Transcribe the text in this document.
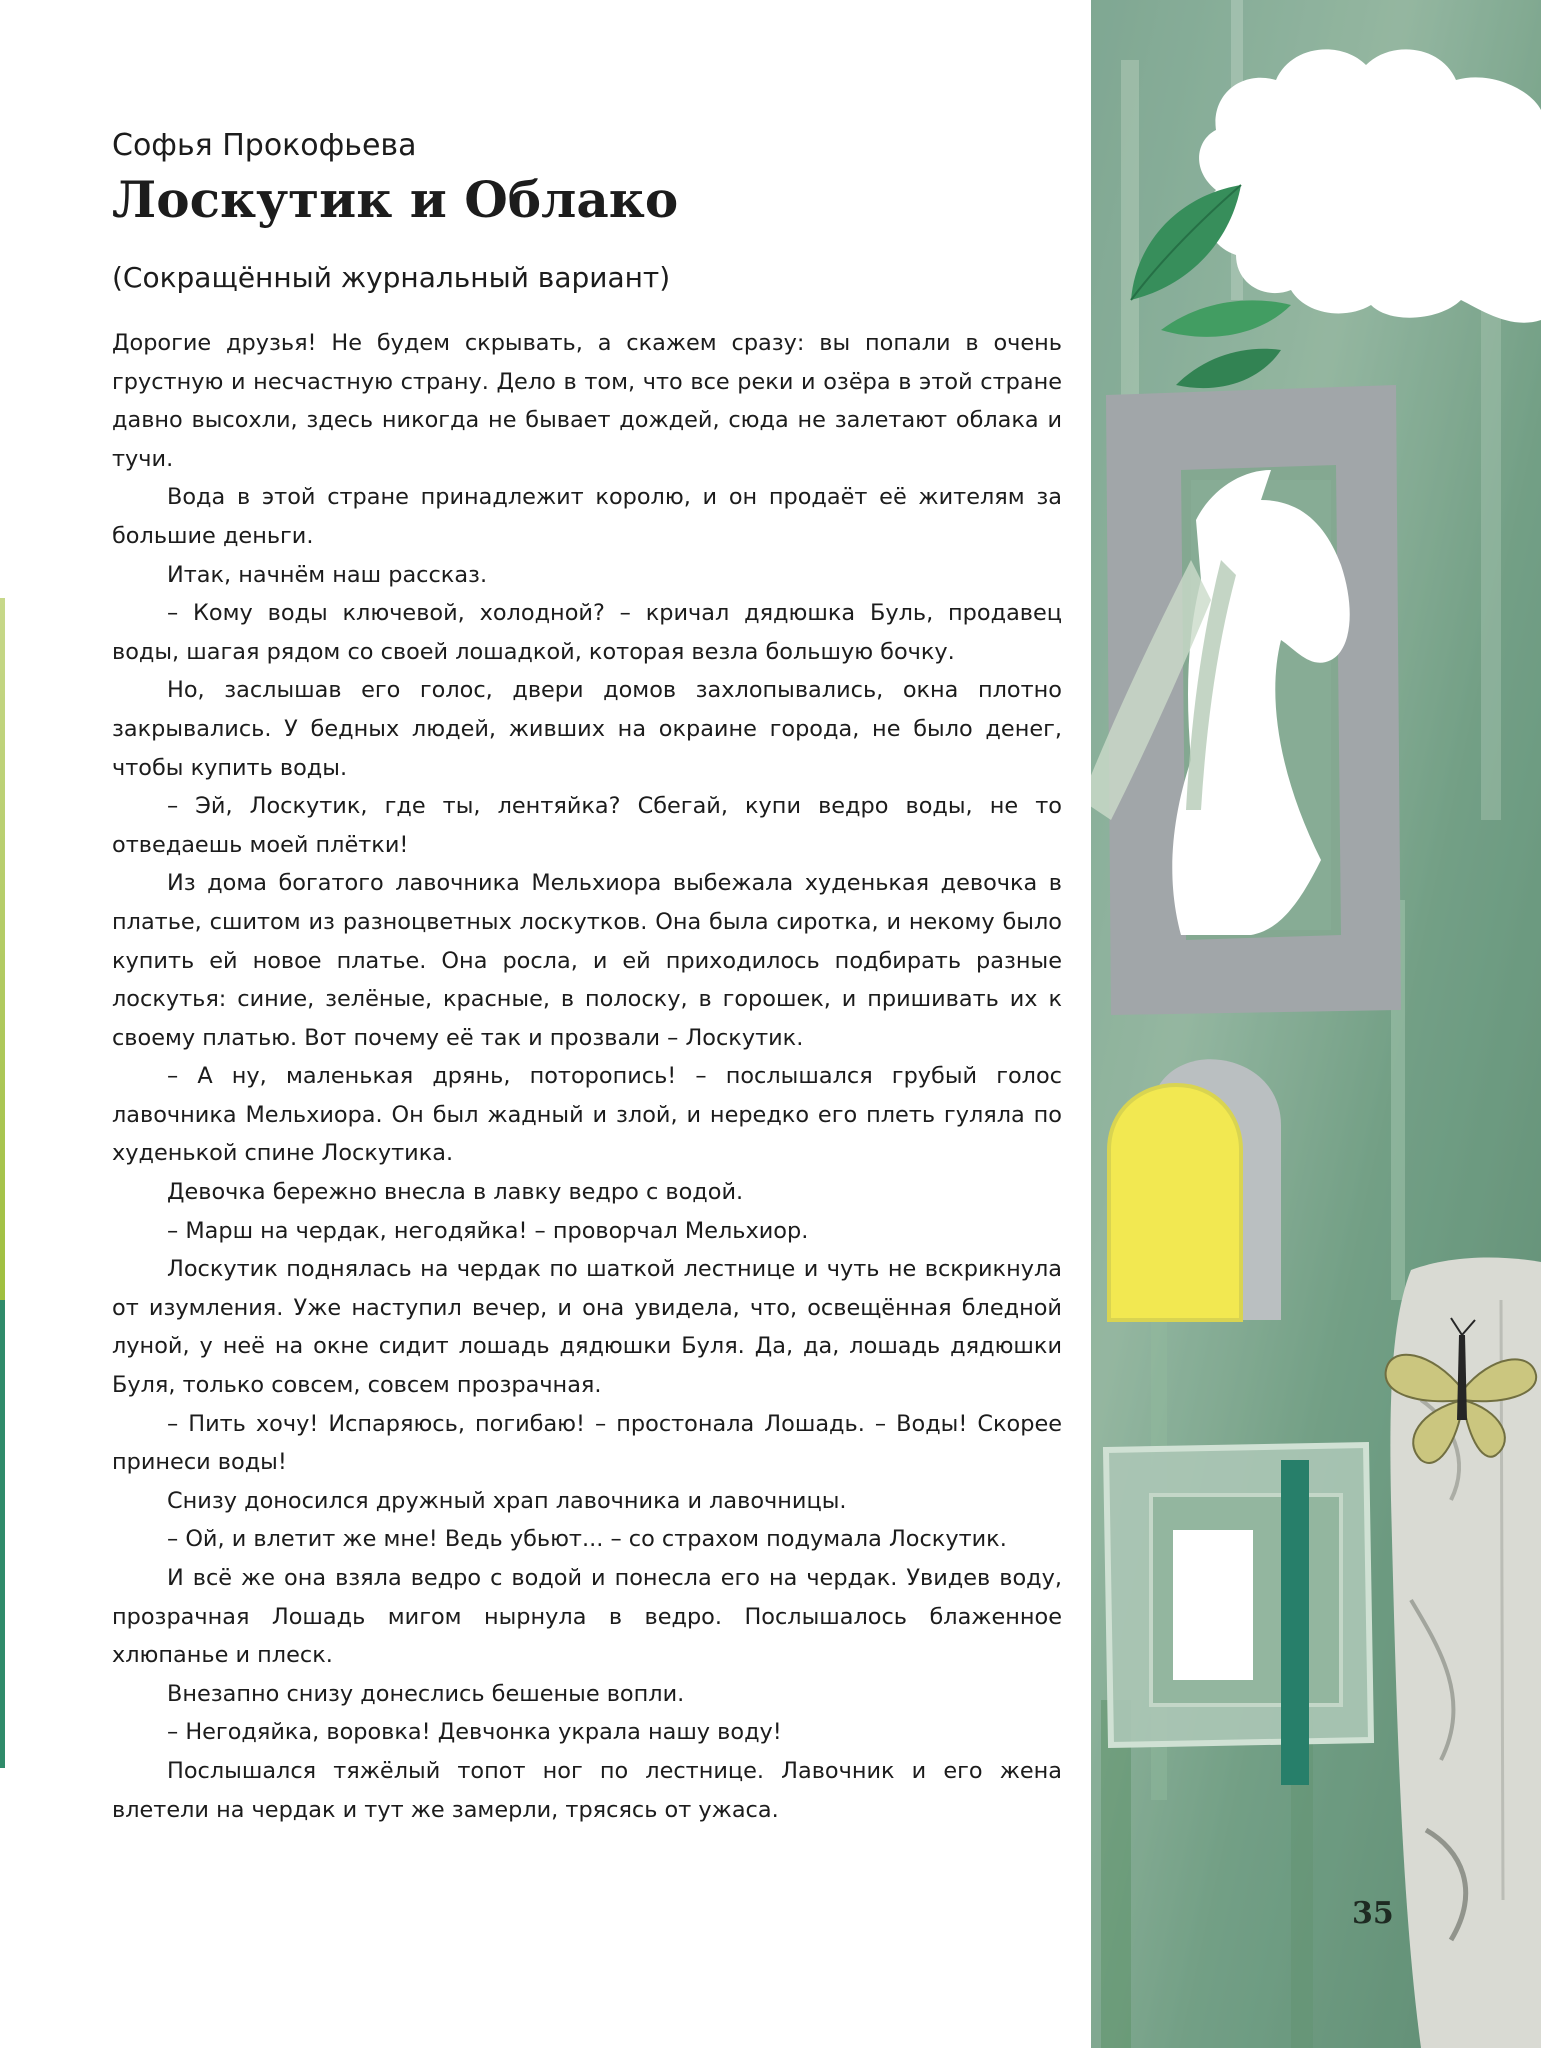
Софья Прокофьева
Лоскутик и Облако
(Сокращённый журнальный вариант)

Дорогие друзья! Не будем скрывать, а скажем сразу: вы попали в очень грустную и несчастную страну. Дело в том, что все реки и озёра в этой стране давно высохли, здесь никогда не бывает дождей, сюда не залетают облака и тучи.

Вода в этой стране принадлежит королю, и он продаёт её жителям за большие деньги.

Итак, начнём наш рассказ.

– Кому воды ключевой, холодной? – кричал дядюшка Буль, продавец воды, шагая рядом со своей лошадкой, которая везла большую бочку.

Но, заслышав его голос, двери домов захлопывались, окна плотно закрывались. У бедных людей, живших на окраине города, не было денег, чтобы купить воды.

– Эй, Лоскутик, где ты, лентяйка? Сбегай, купи ведро воды, не то отведаешь моей плётки!

Из дома богатого лавочника Мельхиора выбежала худенькая девочка в платье, сшитом из разноцветных лоскутков. Она была сиротка, и некому было купить ей новое платье. Она росла, и ей приходилось подбирать разные лоскутья: синие, зелёные, красные, в полоску, в горошек, и пришивать их к своему платью. Вот почему её так и прозвали – Лоскутик.

– А ну, маленькая дрянь, поторопись! – послышался грубый голос лавочника Мельхиора. Он был жадный и злой, и нередко его плеть гуляла по худенькой спине Лоскутика.

Девочка бережно внесла в лавку ведро с водой.

– Марш на чердак, негодяйка! – проворчал Мельхиор.

Лоскутик поднялась на чердак по шаткой лестнице и чуть не вскрикнула от изумления. Уже наступил вечер, и она увидела, что, освещённая бледной луной, у неё на окне сидит лошадь дядюшки Буля. Да, да, лошадь дядюшки Буля, только совсем, совсем прозрачная.

– Пить хочу! Испаряюсь, погибаю! – простонала Лошадь. – Воды! Скорее принеси воды!

Снизу доносился дружный храп лавочника и лавочницы.

– Ой, и влетит же мне! Ведь убьют... – со страхом подумала Лоскутик.

И всё же она взяла ведро с водой и понесла его на чердак. Увидев воду, прозрачная Лошадь мигом нырнула в ведро. Послышалось блаженное хлюпанье и плеск.

Внезапно снизу донеслись бешеные вопли.

– Негодяйка, воровка! Девчонка украла нашу воду!

Послышался тяжёлый топот ног по лестнице. Лавочник и его жена влетели на чердак и тут же замерли, трясясь от ужаса.

35
